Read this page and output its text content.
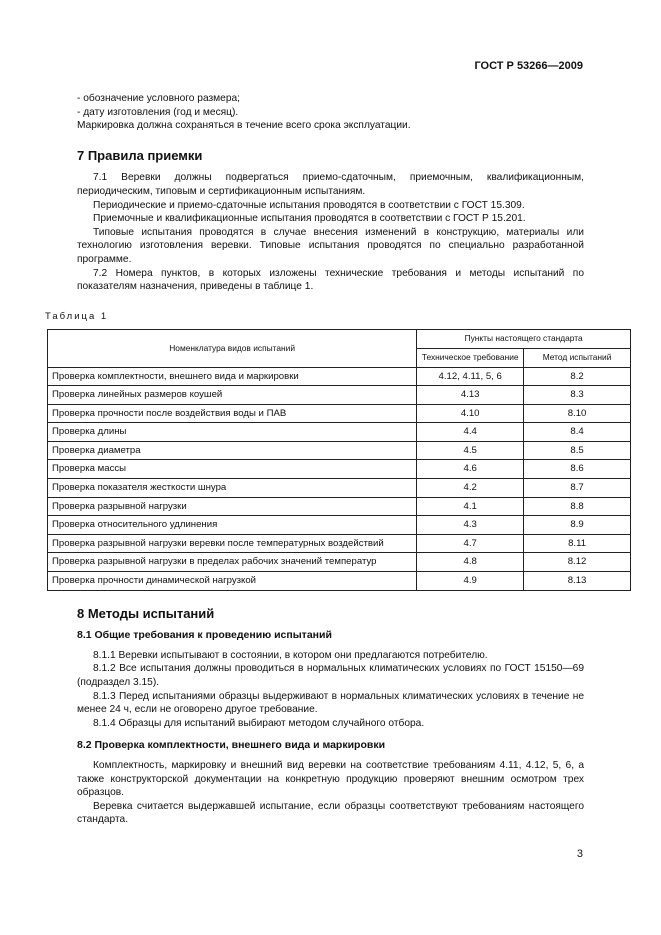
ГОСТ Р 53266—2009

- обозначение условного размера;

- дату изготовления (год и месяц).

Маркировка должна сохраняться в течение всего срока эксплуатации.

7 Правила приемки

7.1 Веревки должны подвергаться приемо-сдаточным, приемочным, квалификационным, периодическим, типовым и сертификационным испытаниям.

Периодические и приемо-сдаточные испытания проводятся в соответствии с ГОСТ 15.309.

Приемочные и квалификационные испытания проводятся в соответствии с ГОСТ Р 15.201.

Типовые испытания проводятся в случае внесения изменений в конструкцию, материалы или технологию изготовления веревки. Типовые испытания проводятся по специально разработанной программе.

7.2 Номера пунктов, в которых изложены технические требования и методы испытаний по показателям назначения, приведены в таблице 1.

Таблица 1
Номенклатура видов испытаний	Пункты настоящего стандарта	
	Техническое требование	Метод испытаний
Проверка комплектности, внешнего вида и маркировки	4.12, 4.11, 5, 6	8.2
Проверка линейных размеров коушей	4.13	8.3
Проверка прочности после воздействия воды и ПАВ	4.10	8.10
Проверка длины	4.4	8.4
Проверка диаметра	4.5	8.5
Проверка массы	4.6	8.6
Проверка показателя жесткости шнура	4.2	8.7
Проверка разрывной нагрузки	4.1	8.8
Проверка относительного удлинения	4.3	8.9
Проверка разрывной нагрузки веревки после температурных воздействий	4.7	8.11
Проверка разрывной нагрузки в пределах рабочих значений температур	4.8	8.12
Проверка прочности динамической нагрузкой	4.9	8.13
8 Методы испытаний
8.1 Общие требования к проведению испытаний

8.1.1 Веревки испытывают в состоянии, в котором они предлагаются потребителю.

8.1.2 Все испытания должны проводиться в нормальных климатических условиях по ГОСТ 15150—69 (подраздел 3.15).

8.1.3 Перед испытаниями образцы выдерживают в нормальных климатических условиях в течение не менее 24 ч, если не оговорено другое требование.

8.1.4 Образцы для испытаний выбирают методом случайного отбора.

8.2 Проверка комплектности, внешнего вида и маркировки

Комплектность, маркировку и внешний вид веревки на соответствие требованиям 4.11, 4.12, 5, 6, а также конструкторской документации на конкретную продукцию проверяют внешним осмотром трех образцов.

Веревка считается выдержавшей испытание, если образцы соответствуют требованиям настоящего стандарта.

3
